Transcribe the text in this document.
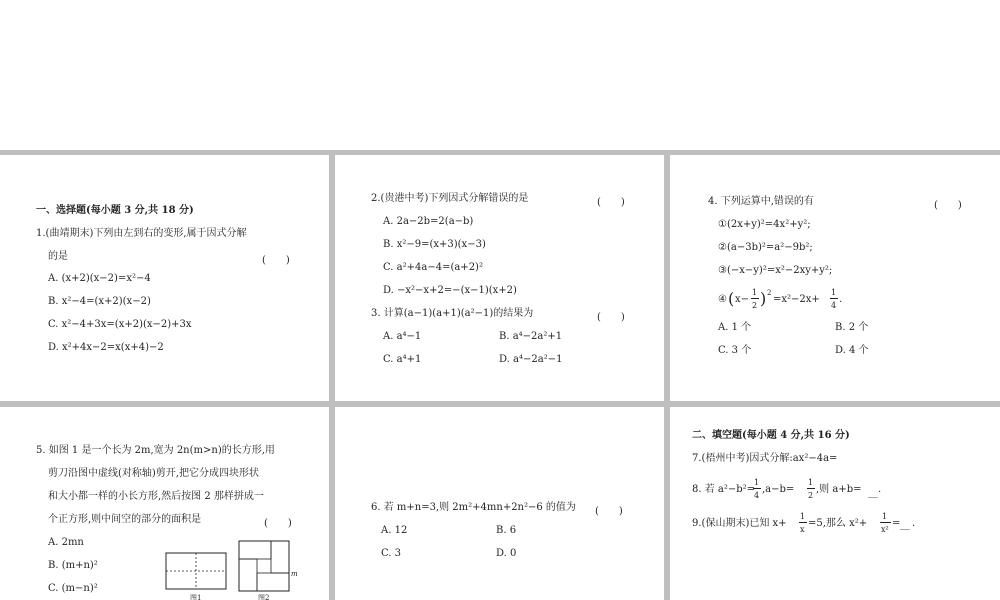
一、选择题(每小题 3 分,共 18 分)
1.(曲靖期末)下列由左到右的变形,属于因式分解
的是	(　　)
A. (x+2)(x−2)=x²−4
B. x²−4=(x+2)(x−2)
C. x²−4+3x=(x+2)(x−2)+3x
D. x²+4x−2=x(x+4)−2
2.(贵港中考)下列因式分解错误的是	(　　)
A. 2a−2b=2(a−b)
B. x²−9=(x+3)(x−3)
C. a²+4a−4=(a+2)²
D. −x²−x+2=−(x−1)(x+2)
3. 计算(a−1)(a+1)(a²−1)的结果为	(　　)
A. a⁴−1	B. a⁴−2a²+1
C. a⁴+1	D. a⁴−2a²−1
4. 下列运算中,错误的有	(　　)
①(2x+y)²=4x²+y²;
②(a−3b)²=a²−9b²;
③(−x−y)²=x²−2xy+y²;
④ ( x−
1
2 ) 2
=x²−2x+
1
4
.
A. 1 个	B. 2 个
C. 3 个	D. 4 个
5. 如图 1 是一个长为 2m,宽为 2n(m>n)的长方形,用
剪刀沿图中虚线(对称轴)剪开,把它分成四块形状
和大小都一样的小长方形,然后按图 2 那样拼成一
个正方形,则中间空的部分的面积是	(　　)
A. 2mn
B. (m+n)²
C. (m−n)²
图1	图2
m
6. 若 m+n=3,则 2m²+4mn+2n²−6 的值为 (　　)
A. 12	B. 6
C. 3	D. 0
二、填空题(每小题 4 分,共 16 分)
7.(梧州中考)因式分解:ax²−4a=
8. 若 a²−b²=
1
4
,a−b=
1
2
,则 a+b= __ .
9.(保山期末)已知 x+
1
x
=5,那么 x²+
1
x²
= __ .
